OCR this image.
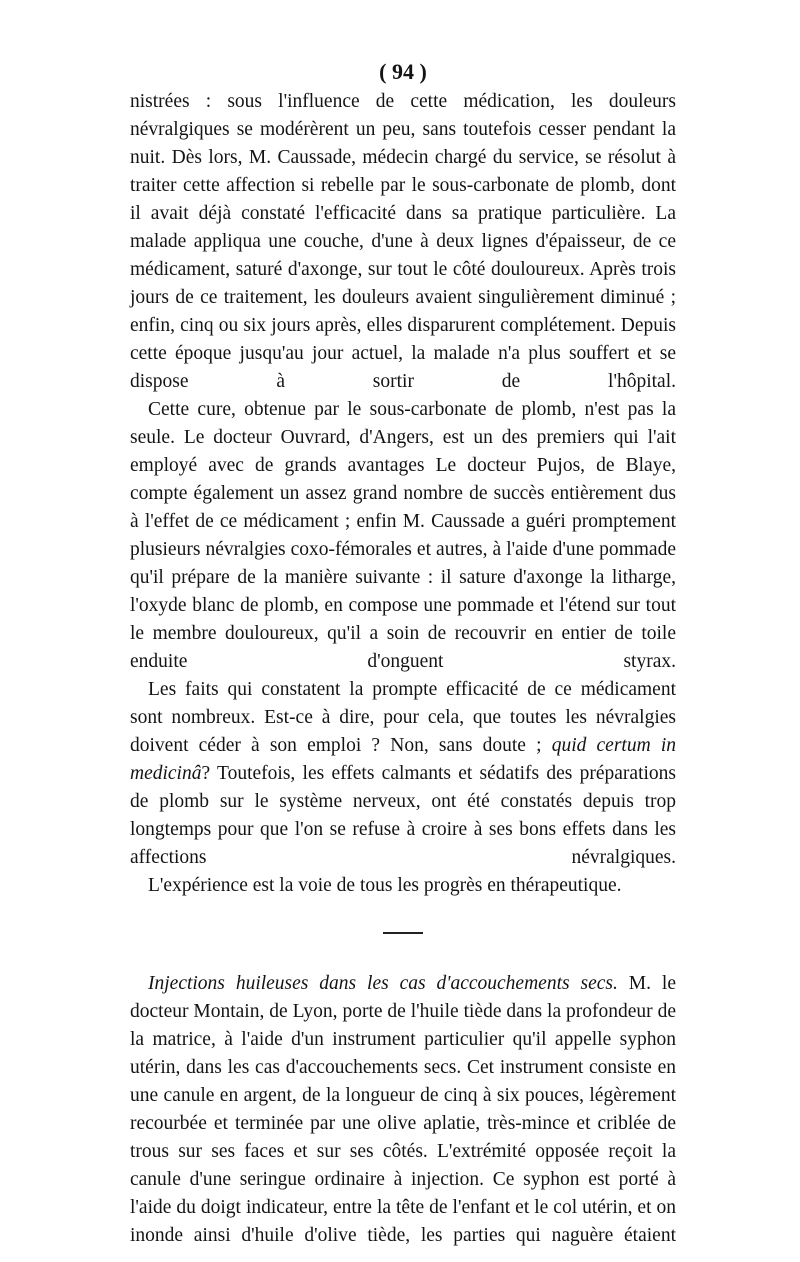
( 94 )

nistrées : sous l'influence de cette médication, les douleurs névralgiques se modérèrent un peu, sans toutefois cesser pendant la nuit. Dès lors, M. Caussade, médecin chargé du service, se résolut à traiter cette affection si rebelle par le sous-carbonate de plomb, dont il avait déjà constaté l'efficacité dans sa pratique particulière. La malade appliqua une couche, d'une à deux lignes d'épaisseur, de ce médicament, saturé d'axonge, sur tout le côté douloureux. Après trois jours de ce traitement, les douleurs avaient singulièrement diminué ; enfin, cinq ou six jours après, elles disparurent complétement. Depuis cette époque jusqu'au jour actuel, la malade n'a plus souffert et se dispose à sortir de l'hôpital.

Cette cure, obtenue par le sous-carbonate de plomb, n'est pas la seule. Le docteur Ouvrard, d'Angers, est un des premiers qui l'ait employé avec de grands avantages Le docteur Pujos, de Blaye, compte également un assez grand nombre de succès entièrement dus à l'effet de ce médicament ; enfin M. Caussade a guéri promptement plusieurs névralgies coxo-fémorales et autres, à l'aide d'une pommade qu'il prépare de la manière suivante : il sature d'axonge la litharge, l'oxyde blanc de plomb, en compose une pommade et l'étend sur tout le membre douloureux, qu'il a soin de recouvrir en entier de toile enduite d'onguent styrax.

Les faits qui constatent la prompte efficacité de ce médicament sont nombreux. Est-ce à dire, pour cela, que toutes les névralgies doivent céder à son emploi ? Non, sans doute ; quid certum in medicinâ? Toutefois, les effets calmants et sédatifs des préparations de plomb sur le système nerveux, ont été constatés depuis trop longtemps pour que l'on se refuse à croire à ses bons effets dans les affections névralgiques.

L'expérience est la voie de tous les progrès en thérapeutique.

Injections huileuses dans les cas d'accouchements secs. M. le docteur Montain, de Lyon, porte de l'huile tiède dans la profondeur de la matrice, à l'aide d'un instrument particulier qu'il appelle syphon utérin, dans les cas d'accouchements secs. Cet instrument consiste en une canule en argent, de la longueur de cinq à six pouces, légèrement recourbée et terminée par une olive aplatie, très-mince et criblée de trous sur ses faces et sur ses côtés. L'extrémité opposée reçoit la canule d'une seringue ordinaire à injection. Ce syphon est porté à l'aide du doigt indicateur, entre la tête de l'enfant et le col utérin, et on inonde ainsi d'huile d'olive tiède, les parties qui naguère étaient
